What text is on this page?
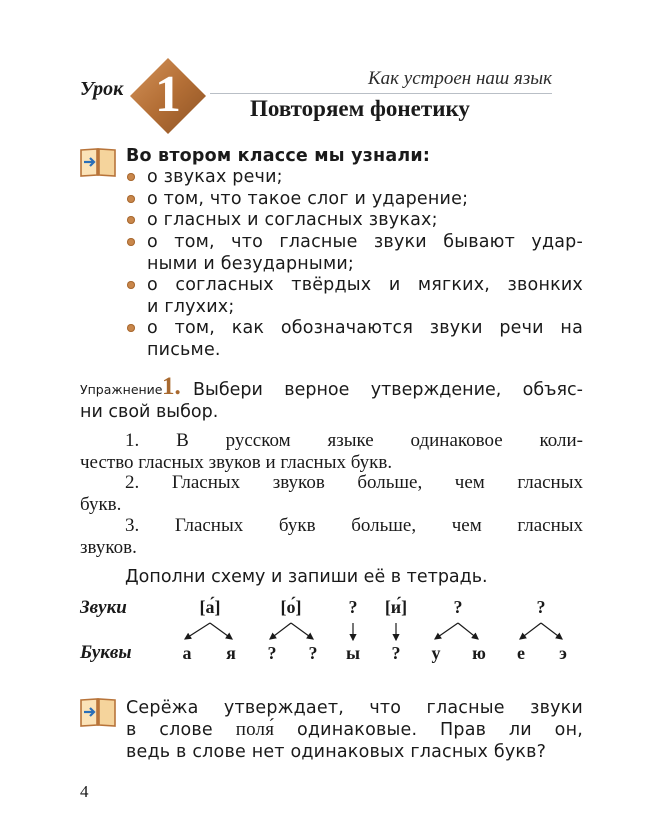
Урок 1	Как устроен наш язык
Повторяем фонетику
Во втором классе мы узнали:
о звуках речи;
о том, что такое слог и ударение;
о гласных и согласных звуках;
о том, что гласные звуки бывают удар-
ными и безударными;
о согласных твёрдых и мягких, звонких
и глухих;
о том, как обозначаются звуки речи на
письме.
Упражнение 1. Выбери верное утверждение, объяс-
ни свой выбор.
1. В русском языке одинаковое коли-
чество гласных звуков и гласных букв.
2. Гласных звуков больше, чем гласных
букв.
3. Гласных букв больше, чем гласных
звуков.
Дополни схему и запиши её в тетрадь.
Звуки
Буквы
[а́]	[о́]	?	[и́]	?	?
а	я	?	?	ы	?	у	ю	е	э
Серёжа утверждает, что гласные звуки
в слове поля́ одинаковые. Прав ли он,
ведь в слове нет одинаковых гласных букв?
4
